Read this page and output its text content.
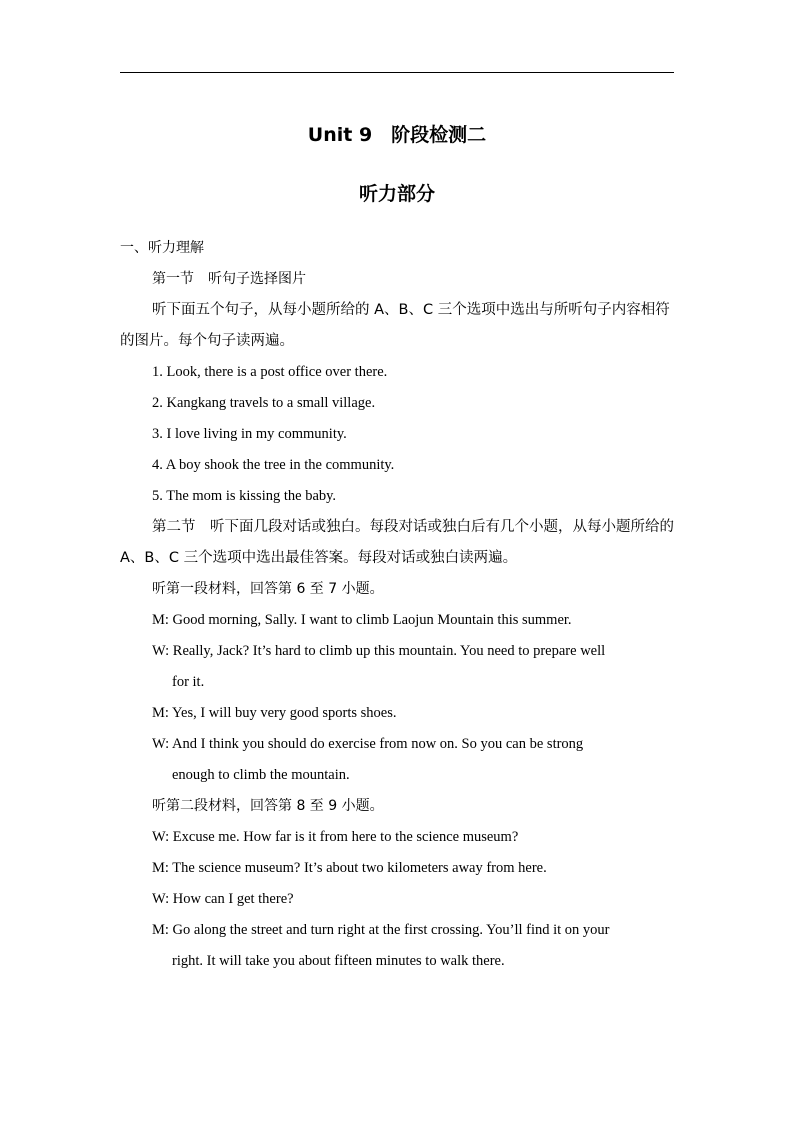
Unit 9　阶段检测二
听力部分
一、听力理解
第一节　听句子选择图片
听下面五个句子，从每小题所给的 A、B、C 三个选项中选出与所听句子内容相符的图片。每个句子读两遍。
1. Look, there is a post office over there.
2. Kangkang travels to a small village.
3. I love living in my community.
4. A boy shook the tree in the community.
5. The mom is kissing the baby.
第二节　听下面几段对话或独白。每段对话或独白后有几个小题，从每小题所给的 A、B、C 三个选项中选出最佳答案。每段对话或独白读两遍。
听第一段材料，回答第 6 至 7 小题。
M: Good morning, Sally. I want to climb Laojun Mountain this summer.
W: Really, Jack? It’s hard to climb up this mountain. You need to prepare well
for it.
M: Yes, I will buy very good sports shoes.
W: And I think you should do exercise from now on. So you can be strong
enough to climb the mountain.
听第二段材料，回答第 8 至 9 小题。
W: Excuse me. How far is it from here to the science museum?
M: The science museum? It’s about two kilometers away from here.
W: How can I get there?
M: Go along the street and turn right at the first crossing. You’ll find it on your
right. It will take you about fifteen minutes to walk there.
